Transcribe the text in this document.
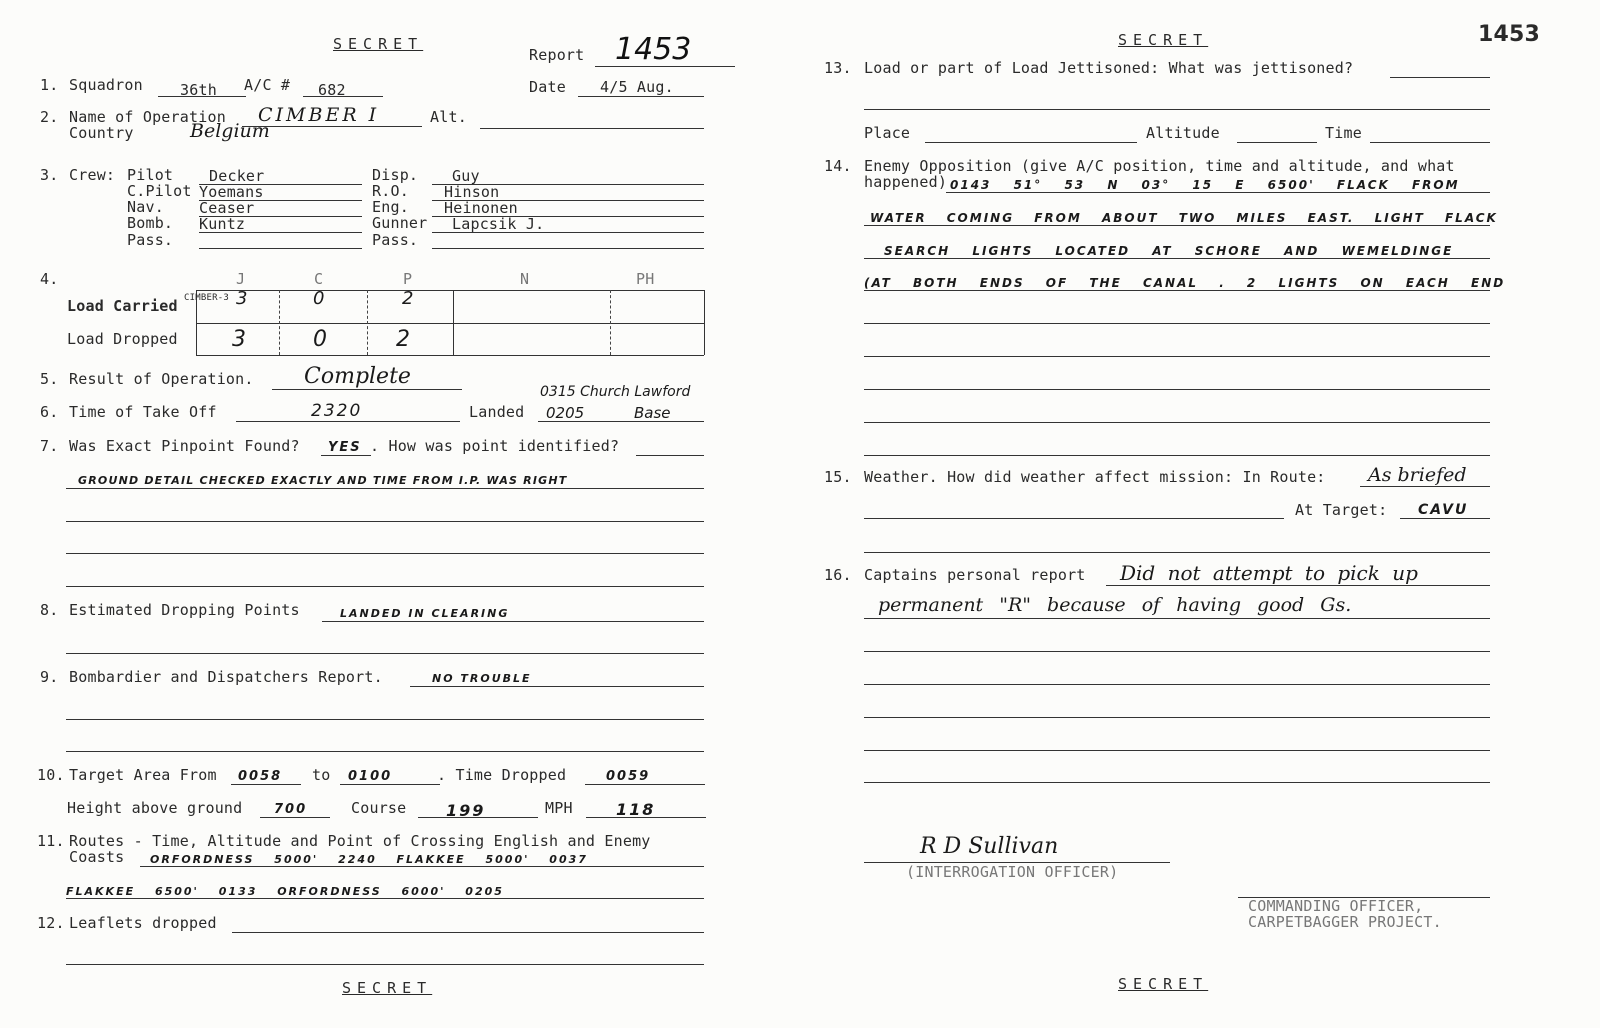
SECRET
Report 1453
Date 4/5 Aug.
1. Squadron 36th A/C # 682
2. Name of Operation CIMBER I	Alt.
Country	Belgium
3. Crew: Pilot Decker
C.Pilot Yoemans
Nav. Ceaser
Bomb. Kuntz
Pass.
Disp. Guy
R.O. Hinson
Eng. Heinonen
Gunner Lapcsik J.
Pass.
4.	J	C	P	N	PH
Load Carried CIMBER-3 3	0	2
Load Dropped 3	0	2
5. Result of Operation. Complete
6. Time of Take Off	2320	Landed
0315 Church Lawford
0205	Base
7. Was Exact Pinpoint Found? YES . How was point identified?
GROUND DETAIL CHECKED EXACTLY AND TIME FROM I.P. WAS RIGHT
8. Estimated Dropping Points	LANDED IN CLEARING
9. Bombardier and Dispatchers Report.	NO TROUBLE
10. Target Area From 0058 to 0100	. Time Dropped	0059
Height above ground 700	Course 199	MPH	118
11. Routes - Time, Altitude and Point of Crossing English and Enemy
Coasts ORFORDNESS 5000' 2240 FLAKKEE 5000' 0037
FLAKKEE 6500' 0133 ORFORDNESS 6000' 0205
12. Leaflets dropped
SECRET
SECRET	1453
13. Load or part of Load Jettisoned: What was jettisoned?
Place	Altitude	Time
14. Enemy Opposition (give A/C position, time and altitude, and what
happened) 0143 51° 53 N 03° 15 E 6500' FLACK FROM
WATER COMING FROM ABOUT TWO MILES EAST. LIGHT FLACK
SEARCH LIGHTS LOCATED AT SCHORE AND WEMELDINGE
(AT BOTH ENDS OF THE CANAL . 2 LIGHTS ON EACH END
15. Weather. How did weather affect mission: In Route: As briefed
At Target: CAVU
16. Captains personal report Did not attempt to pick up
permanent "R" because of having good Gs.
R D Sullivan
(INTERROGATION OFFICER)
COMMANDING OFFICER,
CARPETBAGGER PROJECT.
SECRET
